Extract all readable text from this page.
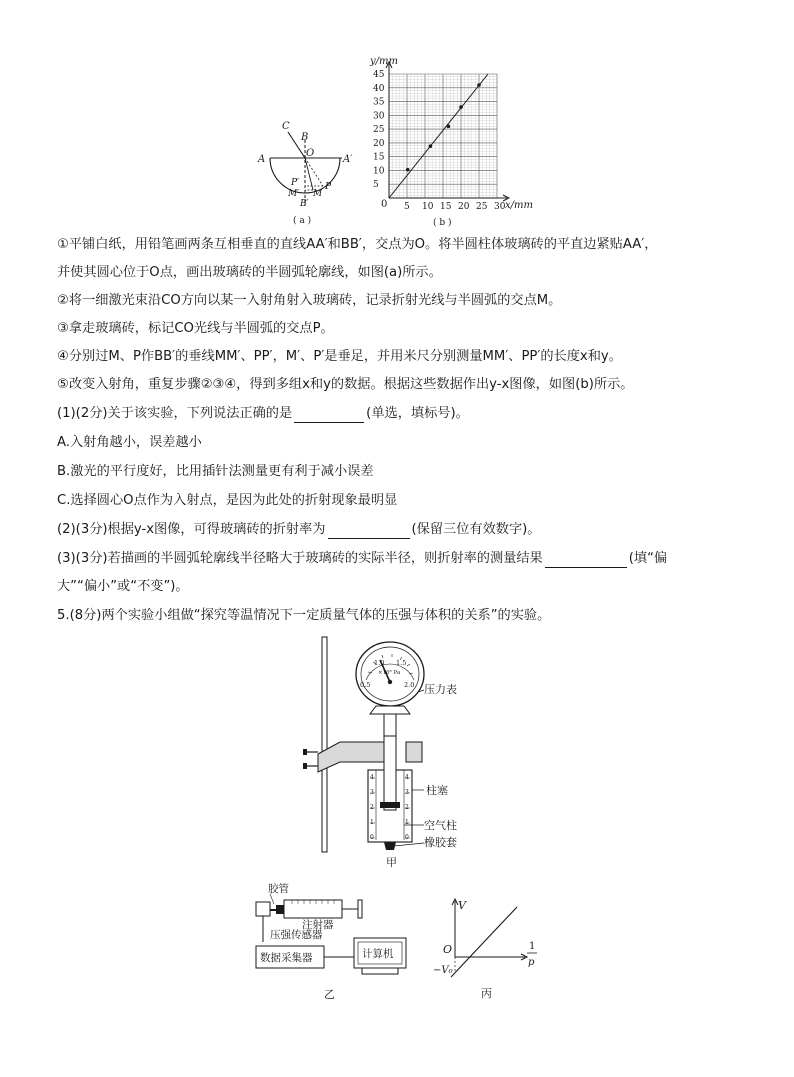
C
B
O
A	A′
P′	P
M′ M
B′
( a )
5 10 15 20 25 30
5
10
15
20
25
30
35
40
45
y/mm
x/mm
0
( b )
①平铺白纸，用铅笔画两条互相垂直的直线AA′和BB′，交点为O。将半圆柱体玻璃砖的平直边紧贴AA′，
并使其圆心位于O点，画出玻璃砖的半圆弧轮廓线，如图(a)所示。
②将一细激光束沿CO方向以某一入射角射入玻璃砖，记录折射光线与半圆弧的交点M。
③拿走玻璃砖，标记CO光线与半圆弧的交点P。
④分别过M、P作BB′的垂线MM′、PP′，M′、P′是垂足，并用米尺分别测量MM′、PP′的长度x和y。
⑤改变入射角，重复步骤②③④，得到多组x和y的数据。根据这些数据作出y-x图像，如图(b)所示。
(1)(2分)关于该实验，下列说法正确的是	(单选，填标号)。
A.入射角越小，误差越小
B.激光的平行度好，比用插针法测量更有利于减小误差
C.选择圆心O点作为入射点，是因为此处的折射现象最明显
(2)(3分)根据y-x图像，可得玻璃砖的折射率为	(保留三位有效数字)。
(3)(3分)若描画的半圆弧轮廓线半径略大于玻璃砖的实际半径，则折射率的测量结果	(填“偏
大”“偏小”或“不变”)。
5.(8分)两个实验小组做“探究等温情况下一定质量气体的压强与体积的关系”的实验。
0.5
1.0 1.5
2.0
×10⁵ Pa
4
3
2
1
0
4
3
2
1
0
压力表
柱塞
空气柱
橡胶套
甲
胶管
注射器
压强传感器
数据采集器	计算机
乙
V
O
−V₀
1
p
丙
